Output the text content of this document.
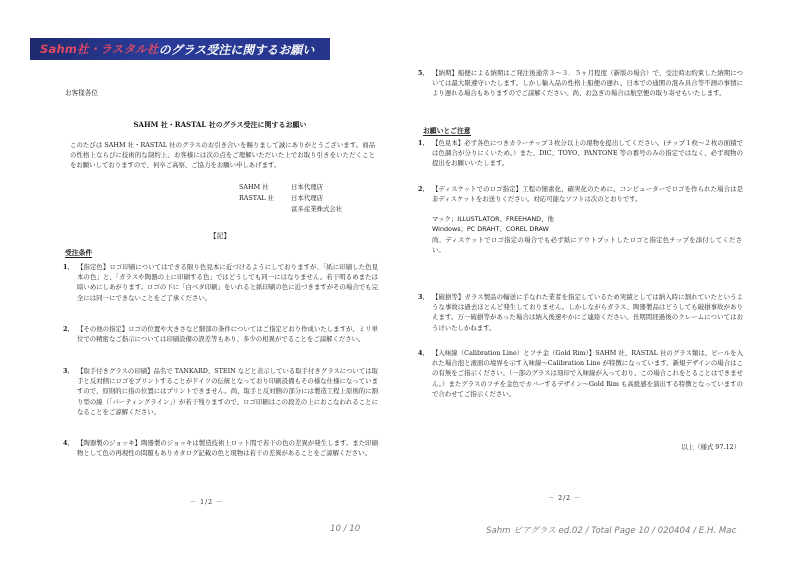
Sahm社・ラスタル社 のグラス受注に関するお願い
お客様各位
SAHM 社・RASTAL 社のグラス受注に関するお願い
このたびは SAHM 社・RASTAL 社のグラスのお引き合いを賜りまして誠にありがとうございます。商品の性格上ならびに技術的な制約上、お客様には次の点をご理解いただいた上でお取り引きをいただくことをお願いしておりますので、何卒ご高察、ご協力をお願い申しあげます。
SAHM 社	日本代理店
RASTAL 社	日本代理店
富多産業株式会社
【記】
受注条件
1． 【指定色】ロゴ印刷についてはできる限り色見本に近づけるようにしておりますが、「紙に印刷した色見本の色」と、「ガラスや陶器の上に印刷する色」ではどうしても同一にはなりません。若干明るめまたは暗いめにしあがります。ロゴの下に「白ベタ印刷」をいれると紙印刷の色に近づきますがその場合でも完全には同一にできないことをご了承ください。
2． 【その他の指定】ロゴの位置や大きさなど細部の条件についてはご指定どおり作成いたしますが、ミリ単位での精密なご指示については印刷設備の誤差等もあり、多少の相異がでることをご諒解ください。
3． 【取手付きグラスの印刷】品名で TANKARD、STEIN などと表示している取手付きグラスについては取手と反対側にロゴをプリントすることがドイツの伝統となっており印刷設備もその様な仕様になっていますので、原則的に指の位置にはプリントできません。尚、取手と反対側の部分には製造工程上原則的に割り型の線（「パーティングライン」）が若干残りますので、ロゴ印刷はこの段差の上におこなわれることになることをご諒解ください。
4． 【陶器製のジョッキ】陶器製のジョッキは製造技術上ロット間で若干の色の差異が発生します。また印刷物として色の再現性の問題もありカタログ記載の色と現物は若干の差異があることをご諒解ください。
－ 1/2 －
5． 【納期】船便による納期はご発注後通常３～３．５ヶ月程度（新版の場合）で、受注時お約束した納期については最大限遵守いたします。しかし輸入品の性格上船便の遅れ、日本での通関の混み具合等不測の事情により遅れる場合もありますのでご諒解ください。尚、お急ぎの場合は航空便の取り寄せもいたします。
お願いとご注意
1． 【色見本】必ず各色につきカラーチップ３枚分以上の現物を提出してください。(チップ１枚～２枚の面積では色調合が分りにくいため。）また、DIC、TOYO、PANTONE 等の番号のみの指定ではなく、必ず現物の提出をお願いいたします。
2． 【ディスケットでのロゴ指定】工程の簡素化、確実化のために、コンピューターでロゴを作られた場合は是非ディスケットをお送りください。対応可能なソフトは次のとおりです。
マック；ILLUSTLATOR、FREEHAND、他
Windows；PC DRAHT、COREL DRAW
尚、ディスケットでロゴ指定の場合でも必ず紙にアウトプットしたロゴと指定色チップを添付してください。
3． 【破損等】ガラス製品の輸送に手なれた業者を指定しているため実績としては納入時に割れていたというような事故は過去ほとんど発生しておりません。しかしながらガラス、陶器製品はどうしても破損事故がありえます。万一破損等があった場合は納入後速やかにご連絡ください。長期間経過後のクレームについてはおうけいたしかねます。
4． 【入味線（Calibration Line）とフチ金（Gold Rim）】SAHM 社、RASTAL 社のグラス類は、ビールを入れた場合泡と液面の境界を示す入味線～Calibration Line が特徴になっています。新規デザインの場合はこの有無をご指示ください。（一部のグラスは刻印で入味線が入っており、この場合これをとることはできません。）またグラスのフチを金色でカバーするデザイン～Gold Rim も高級感を演出する特徴となっていますので合わせてご指示ください。
以上（様式 97.12）
－ 2/2 －
10 / 10	Sahm ビアグラス ed.02 / Total Page 10 / 020404 / E.H. Mac
